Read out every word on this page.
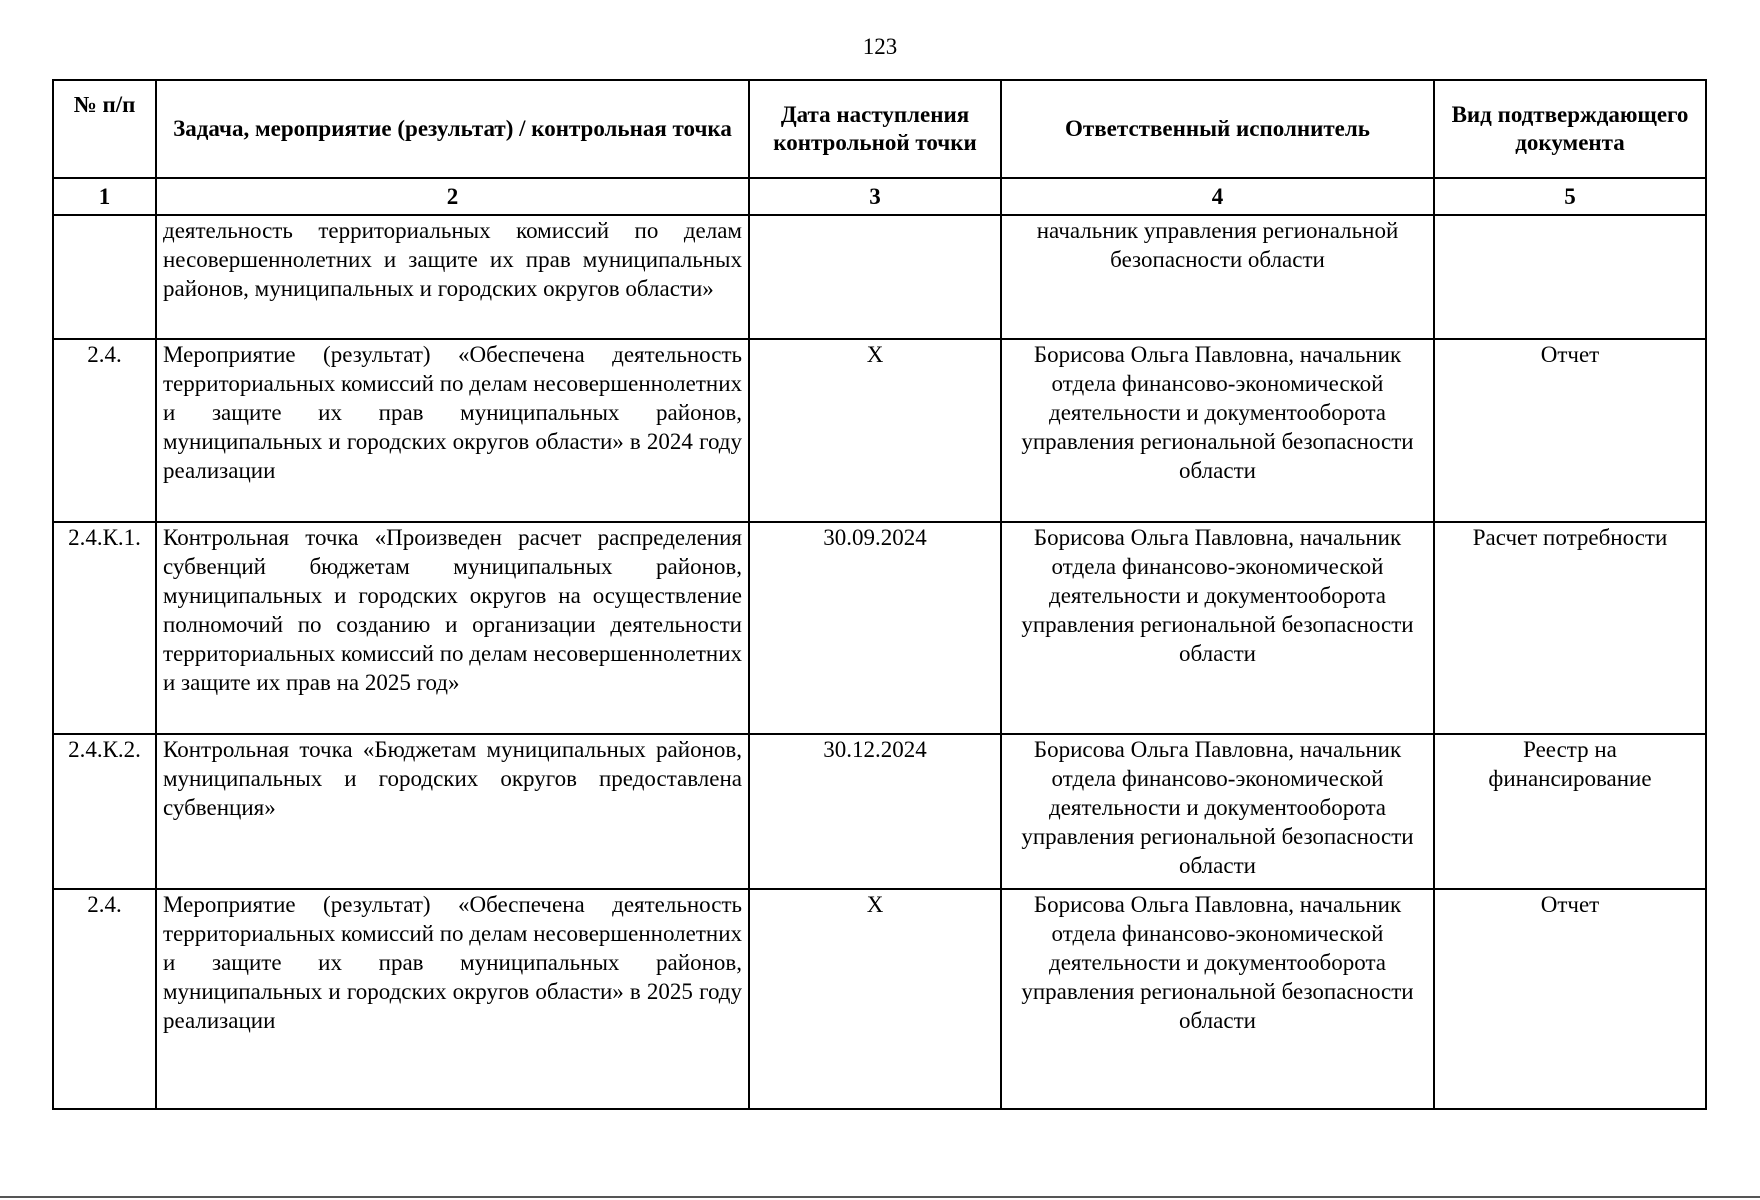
123
№ п/п	Задача, мероприятие (результат) / контрольная точка	Дата наступления контрольной точки	Ответственный исполнитель	Вид подтверждающего документа
1	2	3	4	5
	деятельность территориальных комиссий по делам несовершеннолетних и защите их прав муниципальных районов, муниципальных и городских округов области»		начальник управления региональной безопасности области	
2.4.	Мероприятие (результат) «Обеспечена деятельность территориальных комиссий по делам несовершеннолетних и защите их прав муниципальных районов, муниципальных и городских округов области» в 2024 году реализации	Х	Борисова Ольга Павловна, начальник отдела финансово-экономической деятельности и документооборота управления региональной безопасности области	Отчет
2.4.К.1.	Контрольная точка «Произведен расчет распределения субвенций бюджетам муниципальных районов, муниципальных и городских округов на осуществление полномочий по созданию и организации деятельности территориальных комиссий по делам несовершеннолетних и защите их прав на 2025 год»	30.09.2024	Борисова Ольга Павловна, начальник отдела финансово-экономической деятельности и документооборота управления региональной безопасности области	Расчет потребности
2.4.К.2.	Контрольная точка «Бюджетам муниципальных районов, муниципальных и городских округов предоставлена субвенция»	30.12.2024	Борисова Ольга Павловна, начальник отдела финансово-экономической деятельности и документооборота управления региональной безопасности области	Реестр на финансирование
2.4.	Мероприятие (результат) «Обеспечена деятельность территориальных комиссий по делам несовершеннолетних и защите их прав муниципальных районов, муниципальных и городских округов области» в 2025 году реализации	Х	Борисова Ольга Павловна, начальник отдела финансово-экономической деятельности и документооборота управления региональной безопасности области	Отчет
